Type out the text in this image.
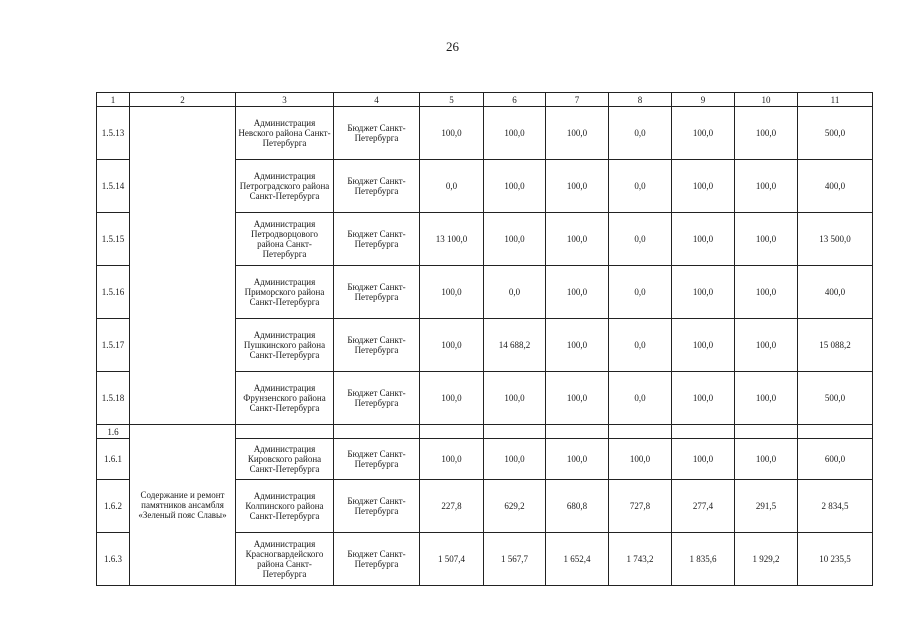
26
1	2	3	4	5	6	7	8	9	10	11
1.5.13		Администрация Невского района Санкт-Петербурга	Бюджет Санкт-Петербурга	100,0	100,0	100,0	0,0	100,0	100,0	500,0
1.5.14		Администрация Петроградского района Санкт-Петербурга	Бюджет Санкт-Петербурга	0,0	100,0	100,0	0,0	100,0	100,0	400,0
1.5.15		Администрация Петродворцового района Санкт-Петербурга	Бюджет Санкт-Петербурга	13 100,0	100,0	100,0	0,0	100,0	100,0	13 500,0
1.5.16		Администрация Приморского района Санкт-Петербурга	Бюджет Санкт-Петербурга	100,0	0,0	100,0	0,0	100,0	100,0	400,0
1.5.17		Администрация Пушкинского района Санкт-Петербурга	Бюджет Санкт-Петербурга	100,0	14 688,2	100,0	0,0	100,0	100,0	15 088,2
1.5.18		Администрация Фрунзенского района Санкт-Петербурга	Бюджет Санкт-Петербурга	100,0	100,0	100,0	0,0	100,0	100,0	500,0
1.6	Содержание и ремонт памятников ансамбля «Зеленый пояс Славы»									
1.6.1		Администрация Кировского района Санкт-Петербурга	Бюджет Санкт-Петербурга	100,0	100,0	100,0	100,0	100,0	100,0	600,0
1.6.2		Администрация Колпинского района Санкт-Петербурга	Бюджет Санкт-Петербурга	227,8	629,2	680,8	727,8	277,4	291,5	2 834,5
1.6.3		Администрация Красногвардейского района Санкт-Петербурга	Бюджет Санкт-Петербурга	1 507,4	1 567,7	1 652,4	1 743,2	1 835,6	1 929,2	10 235,5
